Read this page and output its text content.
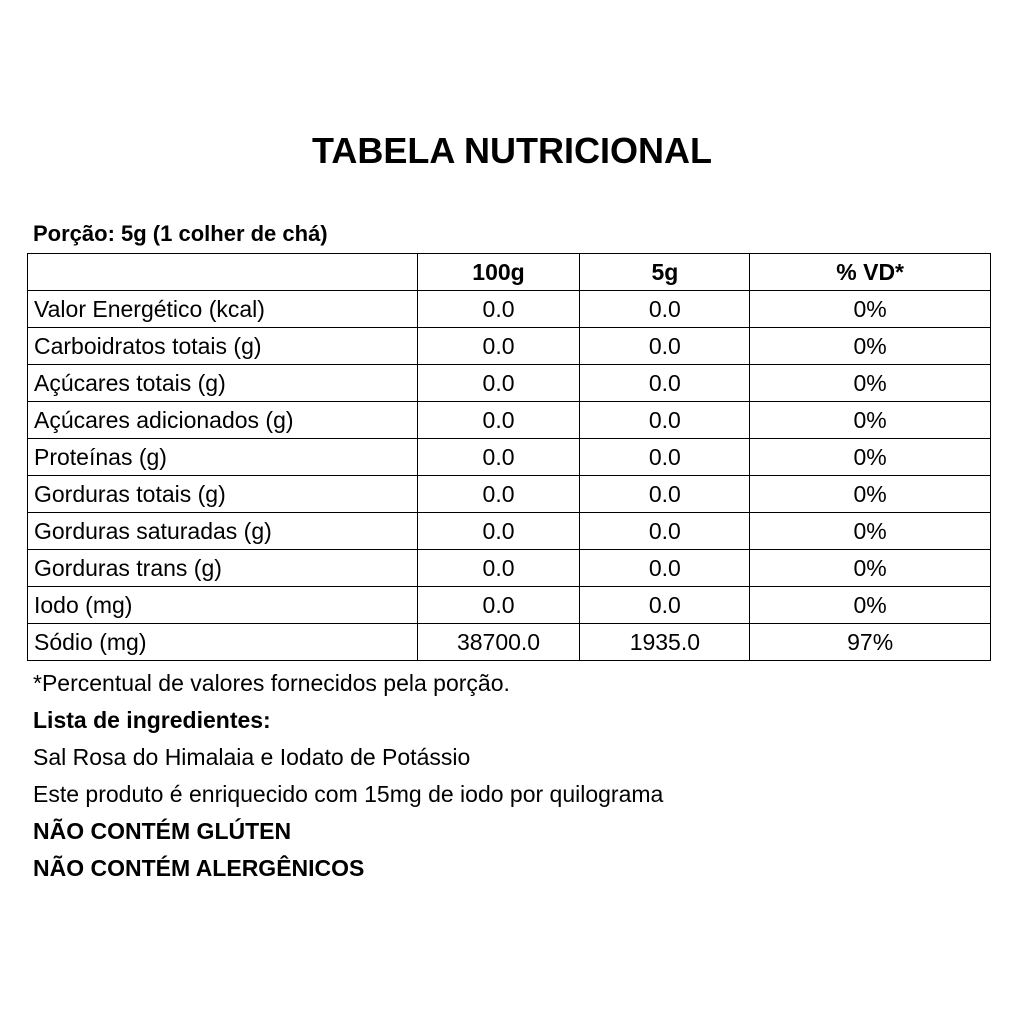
TABELA NUTRICIONAL
Porção: 5g (1 colher de chá)
	100g	5g	% VD*
Valor Energético (kcal)	0.0	0.0	0%
Carboidratos totais (g)	0.0	0.0	0%
Açúcares totais (g)	0.0	0.0	0%
Açúcares adicionados (g)	0.0	0.0	0%
Proteínas (g)	0.0	0.0	0%
Gorduras totais (g)	0.0	0.0	0%
Gorduras saturadas (g)	0.0	0.0	0%
Gorduras trans (g)	0.0	0.0	0%
Iodo (mg)	0.0	0.0	0%
Sódio (mg)	38700.0	1935.0	97%
*Percentual de valores fornecidos pela porção.
Lista de ingredientes:
Sal Rosa do Himalaia e Iodato de Potássio
Este produto é enriquecido com 15mg de iodo por quilograma
NÃO CONTÉM GLÚTEN
NÃO CONTÉM ALERGÊNICOS
